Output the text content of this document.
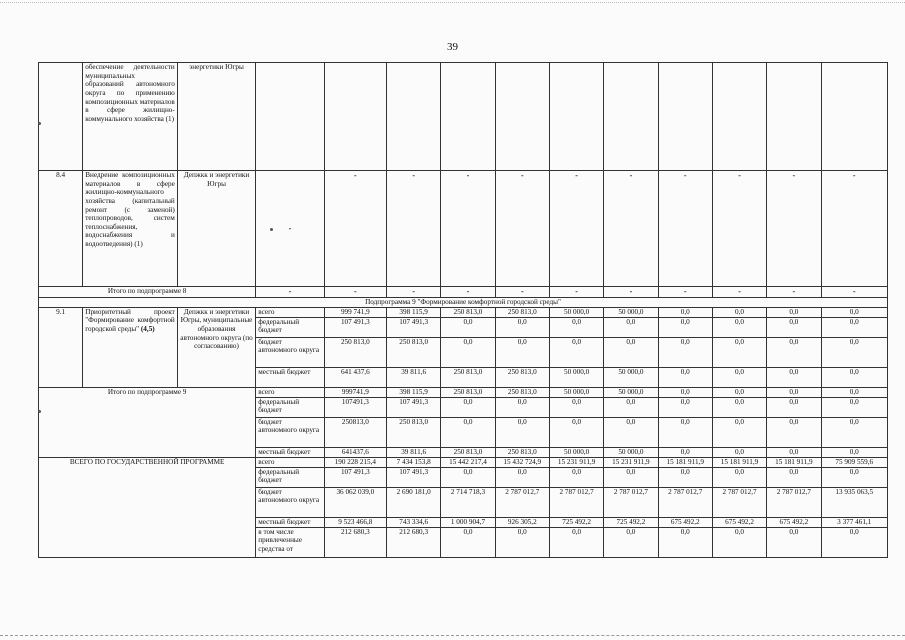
39
	обеспечение деятельности муниципальных образований автономного округа по применению композиционных материалов в сфере жилищно-коммунального хозяйства (1)	энергетики Югры											
8.4	Внедрение композиционных материалов в сфере жилищно-коммунального хозяйства (капитальный ремонт (с заменой) теплопроводов, систем теплоснабжения, водоснабжения и водоотведения) (1)	Депжкк и энергетики Югры	-	-	-	-	-	-	-	-	-	-	-
Итого по подпрограмме 8			-	-	-	-	-	-	-	-	-	-	-
Подпрограмма 9 "Формирование комфортной городской среды"													
9.1	Приоритетный проект "Формирование комфортной городской среды" (4,5)	Депжкк и энергетики Югры, муниципальные образования автономного округа (по согласованию)	всего	999 741,9	398 115,9	250 813,0	250 813,0	50 000,0	50 000,0	0,0	0,0	0,0	0,0
			федеральный бюджет	107 491,3	107 491,3	0,0	0,0	0,0	0,0	0,0	0,0	0,0	0,0
			бюджет автономного округа	250 813,0	250 813,0	0,0	0,0	0,0	0,0	0,0	0,0	0,0	0,0
			местный бюджет	641 437,6	39 811,6	250 813,0	250 813,0	50 000,0	50 000,0	0,0	0,0	0,0	0,0
Итого по подпрограмме 9			всего	999741,9	398 115,9	250 813,0	250 813,0	50 000,0	50 000,0	0,0	0,0	0,0	0,0
			федеральный бюджет	107491,3	107 491,3	0,0	0,0	0,0	0,0	0,0	0,0	0,0	0,0
			бюджет автономного округа	250813,0	250 813,0	0,0	0,0	0,0	0,0	0,0	0,0	0,0	0,0
			местный бюджет	641437,6	39 811,6	250 813,0	250 813,0	50 000,0	50 000,0	0,0	0,0	0,0	0,0
ВСЕГО ПО ГОСУДАРСТВЕННОЙ ПРОГРАММЕ			всего	190 228 215,4	7 434 153,8	15 442 217,4	15 432 724,9	15 231 911,9	15 231 911,9	15 181 911,9	15 181 911,9	15 181 911,9	75 909 559,6
			федеральный бюджет	107 491,3	107 491,3	0,0	0,0	0,0	0,0	0,0	0,0	0,0	0,0
			бюджет автономного округа	36 062 039,0	2 690 181,0	2 714 718,3	2 787 012,7	2 787 012,7	2 787 012,7	2 787 012,7	2 787 012,7	2 787 012,7	13 935 063,5
			местный бюджет	9 523 466,8	743 334,6	1 000 904,7	926 305,2	725 492,2	725 492,2	675 492,2	675 492,2	675 492,2	3 377 461,1
			в том числе привлеченные средства от	212 680,3	212 680,3	0,0	0,0	0,0	0,0	0,0	0,0	0,0	0,0
